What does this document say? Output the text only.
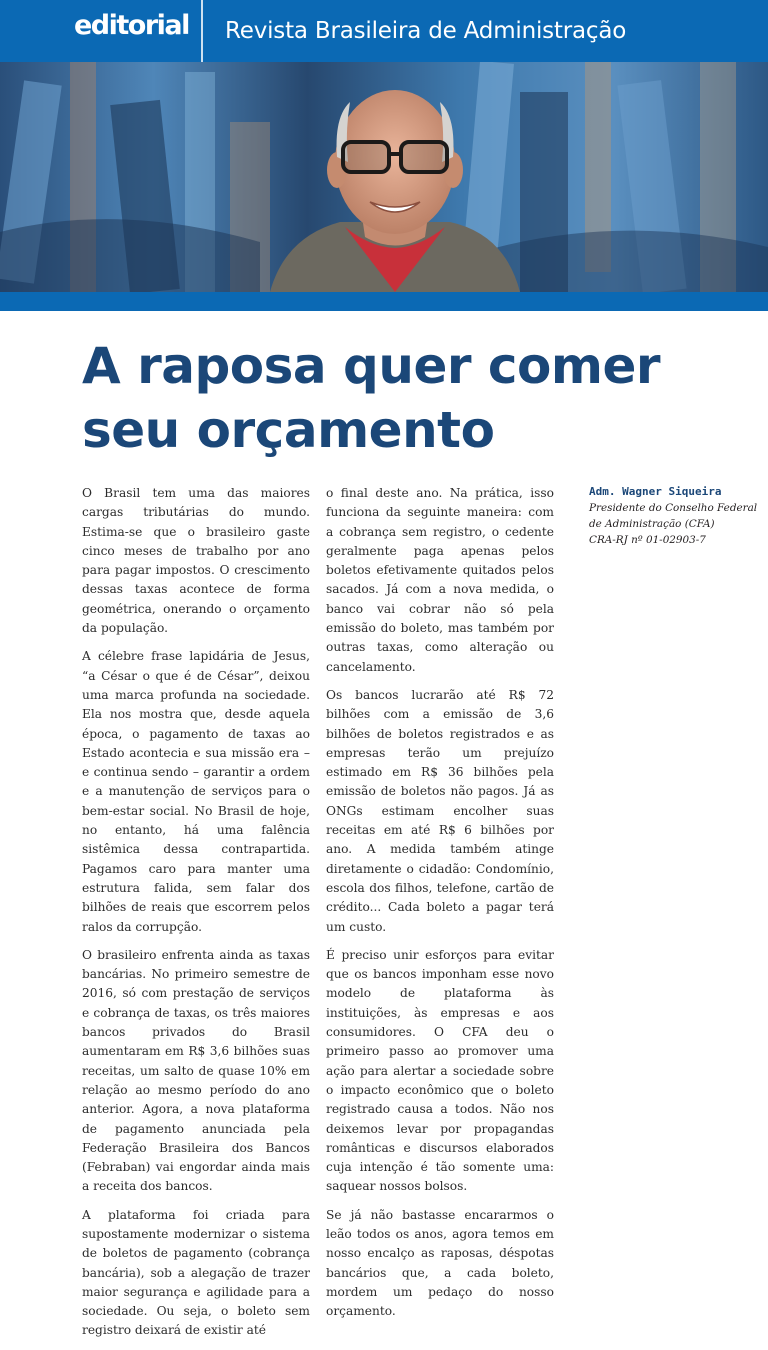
editorial Revista Brasileira de Administração
A raposa quer comer
seu orçamento

O Brasil tem uma das maiores cargas tributárias do mundo. Estima-se que o brasileiro gaste cinco meses de trabalho por ano para pagar impostos. O crescimento dessas taxas acontece de forma geométrica, onerando o orçamento da população.

A célebre frase lapidária de Jesus, “a César o que é de César”, deixou uma marca profunda na sociedade. Ela nos mostra que, desde aquela época, o pagamento de taxas ao Estado acontecia e sua missão era – e continua sendo – garantir a ordem e a manutenção de serviços para o bem-estar social. No Brasil de hoje, no entanto, há uma falência sistêmica dessa contrapartida. Pagamos caro para manter uma estrutura falida, sem falar dos bilhões de reais que escorrem pelos ralos da corrupção.

O brasileiro enfrenta ainda as taxas bancárias. No primeiro semestre de 2016, só com prestação de serviços e cobrança de taxas, os três maiores bancos privados do Brasil aumentaram em R$ 3,6 bilhões suas receitas, um salto de quase 10% em relação ao mesmo período do ano anterior. Agora, a nova plataforma de pagamento anunciada pela Federação Brasileira dos Bancos (Febraban) vai engordar ainda mais a receita dos bancos.

A plataforma foi criada para supostamente modernizar o sistema de boletos de pagamento (cobrança bancária), sob a alegação de trazer maior segurança e agilidade para a sociedade. Ou seja, o boleto sem registro deixará de existir até

o final deste ano. Na prática, isso funciona da seguinte maneira: com a cobrança sem registro, o cedente geralmente paga apenas pelos boletos efetivamente quitados pelos sacados. Já com a nova medida, o banco vai cobrar não só pela emissão do boleto, mas também por outras taxas, como alteração ou cancelamento.

Os bancos lucrarão até R$ 72 bilhões com a emissão de 3,6 bilhões de boletos registrados e as empresas terão um prejuízo estimado em R$ 36 bilhões pela emissão de boletos não pagos. Já as ONGs estimam encolher suas receitas em até R$ 6 bilhões por ano. A medida também atinge diretamente o cidadão: Condomínio, escola dos filhos, telefone, cartão de crédito... Cada boleto a pagar terá um custo.

É preciso unir esforços para evitar que os bancos imponham esse novo modelo de plataforma às instituições, às empresas e aos consumidores. O CFA deu o primeiro passo ao promover uma ação para alertar a sociedade sobre o impacto econômico que o boleto registrado causa a todos. Não nos deixemos levar por propagandas românticas e discursos elaborados cuja intenção é tão somente uma: saquear nossos bolsos.

Se já não bastasse encararmos o leão todos os anos, agora temos em nosso encalço as raposas, déspotas bancários que, a cada boleto, mordem um pedaço do nosso orçamento.

Adm. Wagner Siqueira
Presidente do Conselho Federal
de Administração (CFA)
CRA-RJ nº 01-02903-7
